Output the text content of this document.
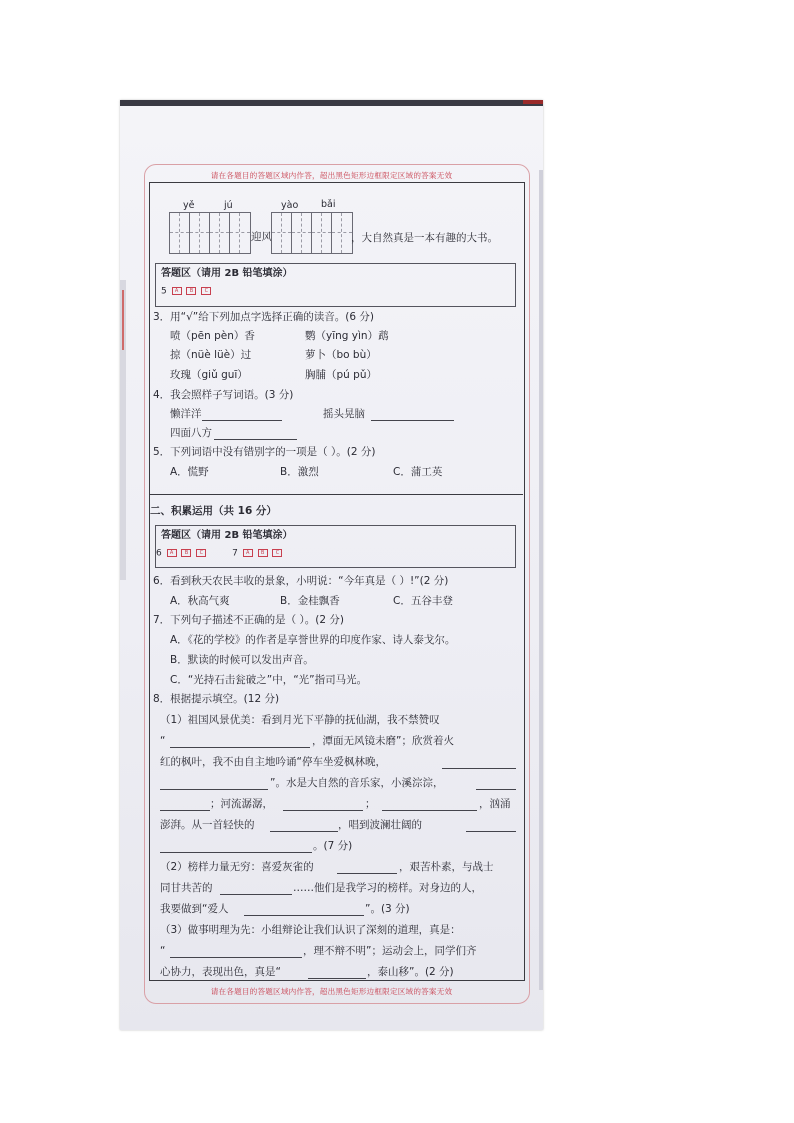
请在各题目的答题区域内作答，超出黑色矩形边框限定区域的答案无效
请在各题目的答题区域内作答，超出黑色矩形边框限定区域的答案无效
yě	jú	yào bǎi
迎风	，大自然真是一本有趣的大书。
答题区（请用 2B 铅笔填涂）
5 A B C
3．用“√”给下列加点字选择正确的读音。(6 分)
喷（pēn pèn）香	鹦（yīng yìn）鹉
掠（nüè lüè）过	萝卜（bo bù）
玫瑰（giǔ guī）	胸脯（pú pǔ）
4．我会照样子写词语。(3 分)
懒洋洋	摇头晃脑
四面八方
5．下列词语中没有错别字的一项是（ ）。(2 分)
A．慌野	B．激烈	C．蒲工英
二、积累运用（共 16 分）
答题区（请用 2B 铅笔填涂）
6 A B C	7 A B C
6．看到秋天农民丰收的景象，小明说：“今年真是（ ）!”(2 分)
A．秋高气爽	B．金桂飘香	C．五谷丰登
7．下列句子描述不正确的是（ ）。(2 分)
A．《花的学校》的作者是享誉世界的印度作家、诗人泰戈尔。
B．默读的时候可以发出声音。
C．“光持石击瓮破之”中，“光”指司马光。
8．根据提示填空。(12 分)
（1）祖国风景优美：看到月光下平静的抚仙湖，我不禁赞叹
“	，潭面无风镜未磨”；欣赏着火
红的枫叶，我不由自主地吟诵“停车坐爱枫林晚，
”。水是大自然的音乐家，小溪淙淙，
；河流潺潺，	；	，汹涌
澎湃。从一首轻快的	，唱到波澜壮阔的
。(7 分)
（2）榜样力量无穷：喜爱灰雀的	，艰苦朴素，与战士
同甘共苦的	……他们是我学习的榜样。对身边的人，
我要做到“爱人	”。(3 分)
（3）做事明理为先：小组辩论让我们认识了深刻的道理，真是：
“	，理不辩不明”；运动会上，同学们齐
心协力，表现出色，真是“	，泰山移”。(2 分)
